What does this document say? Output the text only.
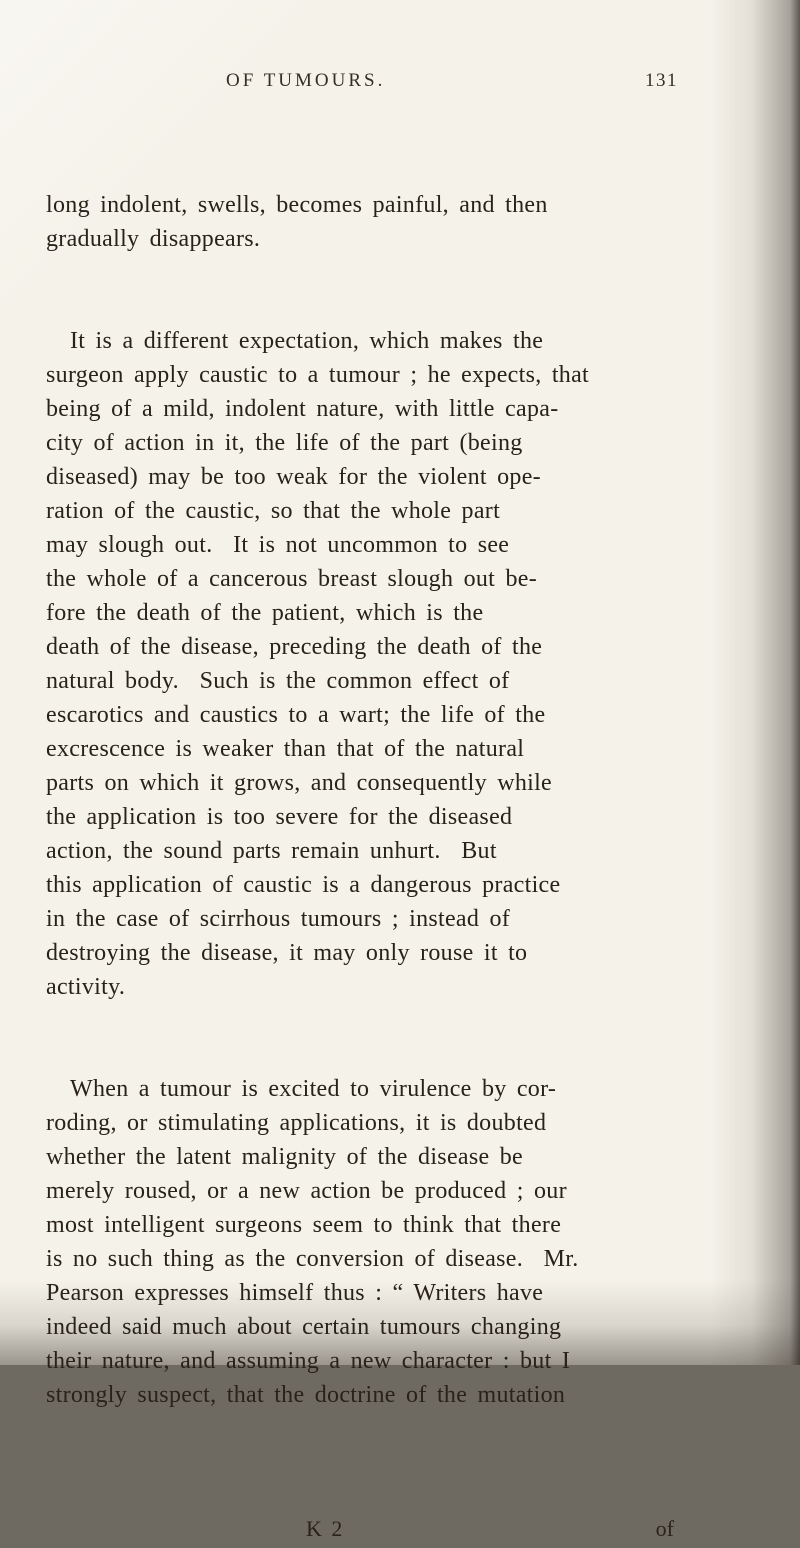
OF TUMOURS.	131

long indolent, swells, becomes painful, and then
gradually disappears.

It is a different expectation, which makes the
surgeon apply caustic to a tumour ; he expects, that
being of a mild, indolent nature, with little capa-
city of action in it, the life of the part (being
diseased) may be too weak for the violent ope-
ration of the caustic, so that the whole part
may slough out.  It is not uncommon to see
the whole of a cancerous breast slough out be-
fore the death of the patient, which is the
death of the disease, preceding the death of the
natural body.  Such is the common effect of
escarotics and caustics to a wart; the life of the
excrescence is weaker than that of the natural
parts on which it grows, and consequently while
the application is too severe for the diseased
action, the sound parts remain unhurt.  But
this application of caustic is a dangerous practice
in the case of scirrhous tumours ; instead of
destroying the disease, it may only rouse it to
activity.

When a tumour is excited to virulence by cor-
roding, or stimulating applications, it is doubted
whether the latent malignity of the disease be
merely roused, or a new action be produced ; our
most intelligent surgeons seem to think that there
is no such thing as the conversion of disease.  Mr.
Pearson expresses himself thus : “ Writers have
indeed said much about certain tumours changing
their nature, and assuming a new character : but I
strongly suspect, that the doctrine of the mutation

K 2	of
